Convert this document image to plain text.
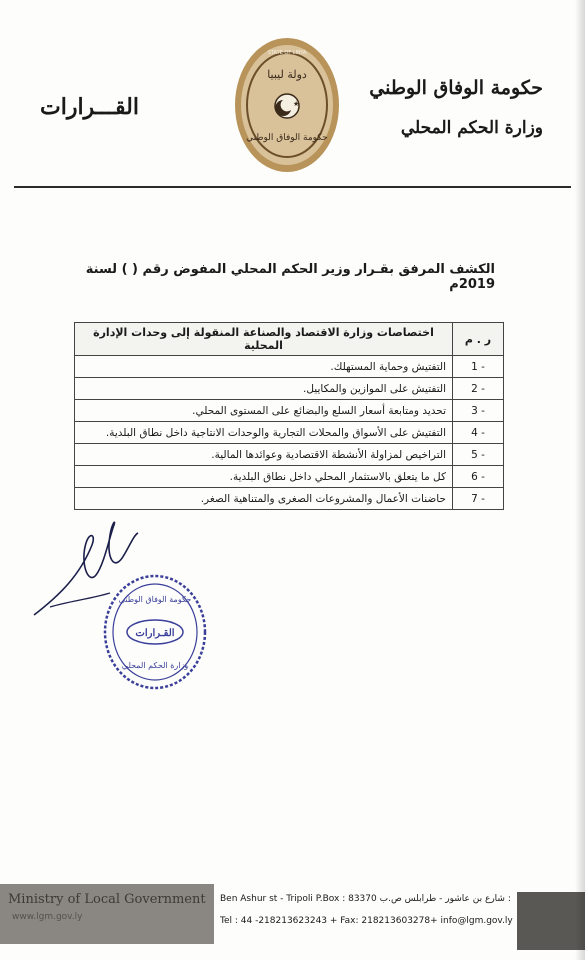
حكومة الوفاق الوطني
وزارة الحكم المحلي
القـــرارات	★
دولة ليبيا
حكومة الوفاق الوطني
STATE OF LIBYA
الكشف المرفق بقـرار وزير الحكم المحلي المفوض رقم ( ) لسنة 2019م
ر . م	اختصاصات وزارة الاقتصاد والصناعة المنقولة إلى وحدات الإدارة المحلية
1 -	التفتيش وحماية المستهلك.
2 -	التفتيش على الموازين والمكاييل.
3 -	تحديد ومتابعة أسعار السلع والبضائع على المستوى المحلي.
4 -	التفتيش على الأسواق والمحلات التجارية والوحدات الانتاجية داخل نطاق البلدية.
5 -	التراخيص لمزاولة الأنشطة الاقتصادية وعوائدها المالية.
6 -	كل ما يتعلق بالاستثمار المحلي داخل نطاق البلدية.
7 -	حاضنات الأعمال والمشروعات الصغرى والمتناهية الصغر.
حكومة الوفاق الوطني
القـرارات
وزارة الحكم المحلي
Ministry of Local Government
www.lgm.gov.ly
Ben Ashur st - Tripoli P.Box : 83370 شارع بن عاشور - طرابلس ص.ب :
Tel : 44 -218213623243 + Fax: 218213603278+ info@lgm.gov.ly
